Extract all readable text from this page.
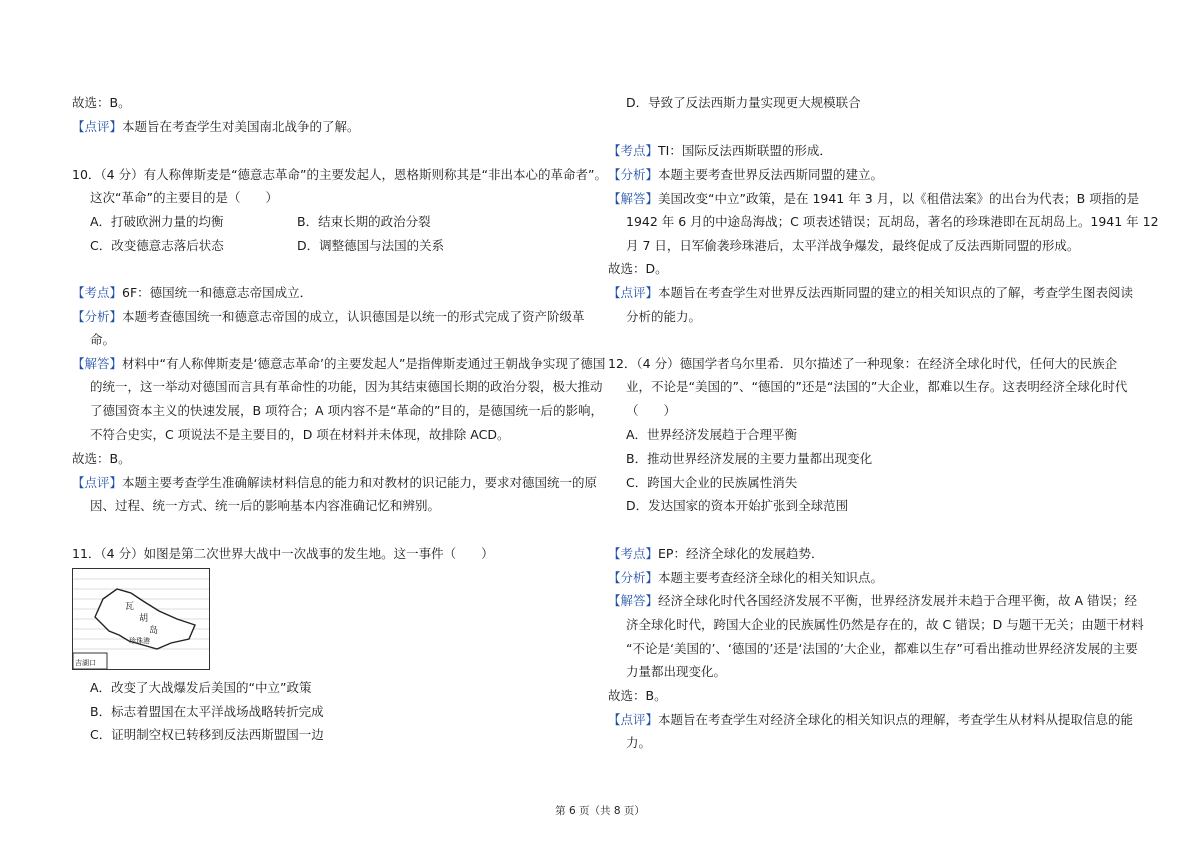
故选：B。
【点评】本题旨在考查学生对美国南北战争的了解。
10．（4 分）有人称俾斯麦是“德意志革命”的主要发起人，恩格斯则称其是“非出本心的革命者”。
这次“革命”的主要目的是（　　）
A．打破欧洲力量的均衡	B．结束长期的政治分裂
C．改变德意志落后状态	D．调整德国与法国的关系
【考点】6F：德国统一和德意志帝国成立．
【分析】本题考查德国统一和德意志帝国的成立，认识德国是以统一的形式完成了资产阶级革
命。
【解答】材料中“有人称俾斯麦是‘德意志革命’的主要发起人”是指俾斯麦通过王朝战争实现了德国
的统一，这一举动对德国而言具有革命性的功能，因为其结束德国长期的政治分裂，极大推动
了德国资本主义的快速发展，B 项符合；A 项内容不是“革命的”目的，是德国统一后的影响，
不符合史实，C 项说法不是主要目的，D 项在材料并未体现，故排除 ACD。
故选：B。
【点评】本题主要考查学生准确解读材料信息的能力和对教材的识记能力，要求对德国统一的原
因、过程、统一方式、统一后的影响基本内容准确记忆和辨别。
11．（4 分）如图是第二次世界大战中一次战事的发生地。这一事件（　　）
瓦
胡
岛
珍珠港
吉湖口
A．改变了大战爆发后美国的“中立”政策
B．标志着盟国在太平洋战场战略转折完成
C．证明制空权已转移到反法西斯盟国一边
D．导致了反法西斯力量实现更大规模联合
【考点】TI：国际反法西斯联盟的形成．
【分析】本题主要考查世界反法西斯同盟的建立。
【解答】美国改变“中立”政策，是在 1941 年 3 月，以《租借法案》的出台为代表；B 项指的是
1942 年 6 月的中途岛海战；C 项表述错误；瓦胡岛，著名的珍珠港即在瓦胡岛上。1941 年 12
月 7 日，日军偷袭珍珠港后，太平洋战争爆发，最终促成了反法西斯同盟的形成。
故选：D。
【点评】本题旨在考查学生对世界反法西斯同盟的建立的相关知识点的了解，考查学生图表阅读
分析的能力。
12．（4 分）德国学者乌尔里希．贝尔描述了一种现象：在经济全球化时代，任何大的民族企
业，不论是“美国的”、“德国的”还是“法国的”大企业，都难以生存。这表明经济全球化时代
（　　）
A．世界经济发展趋于合理平衡
B．推动世界经济发展的主要力量都出现变化
C．跨国大企业的民族属性消失
D．发达国家的资本开始扩张到全球范围
【考点】EP：经济全球化的发展趋势．
【分析】本题主要考查经济全球化的相关知识点。
【解答】经济全球化时代各国经济发展不平衡，世界经济发展并未趋于合理平衡，故 A 错误；经
济全球化时代，跨国大企业的民族属性仍然是存在的，故 C 错误；D 与题干无关；由题干材料
“不论是‘美国的’、‘德国的’还是‘法国的’大企业，都难以生存”可看出推动世界经济发展的主要
力量都出现变化。
故选：B。
【点评】本题旨在考查学生对经济全球化的相关知识点的理解，考查学生从材料从提取信息的能
力。
第 6 页（共 8 页）
